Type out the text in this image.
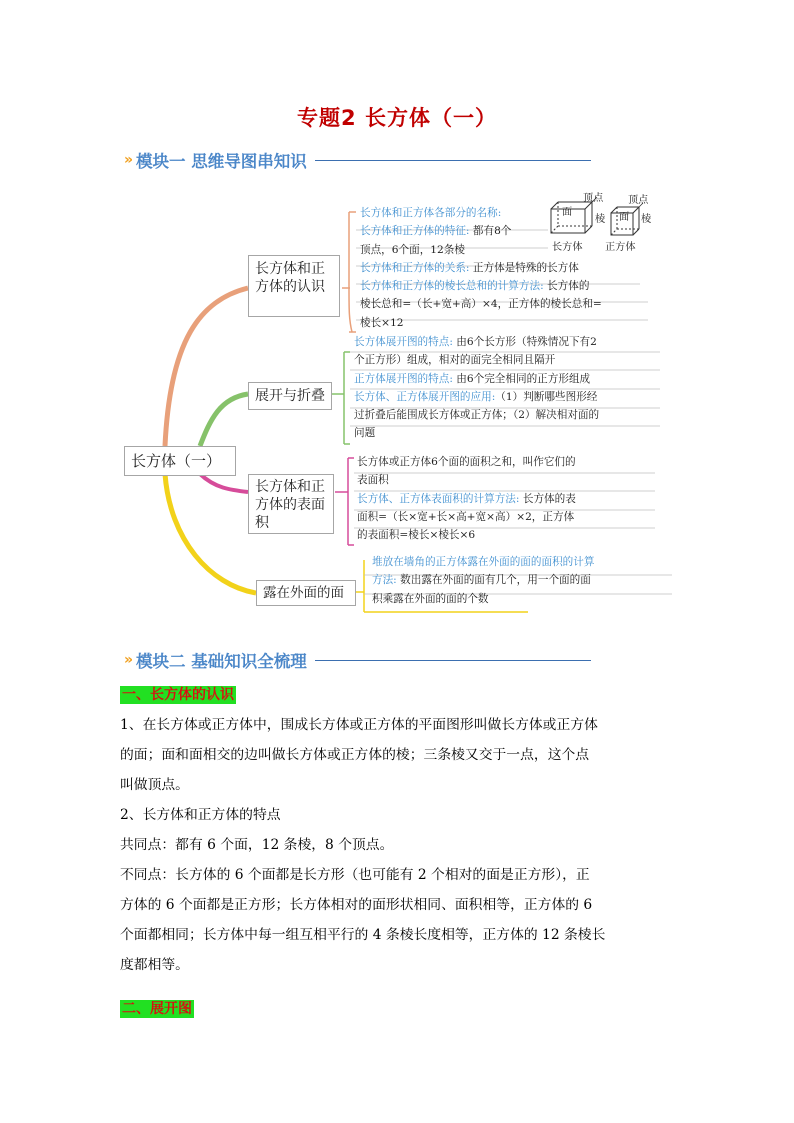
专题2 长方体（一）
» 模块一 思维导图串知识
面
顶点
棱
长方体
面
顶点
棱
正方体
长方体（一）
长方体和正
方体的认识
展开与折叠
长方体和正
方体的表面
积
露在外面的面
长方体和正方体各部分的名称:
长方体和正方体的特征: 都有8个
顶点，6个面，12条棱
长方体和正方体的关系: 正方体是特殊的长方体
长方体和正方体的棱长总和的计算方法: 长方体的
棱长总和=（长+宽+高）×4，正方体的棱长总和=
棱长×12
长方体展开图的特点: 由6个长方形（特殊情况下有2
个正方形）组成，相对的面完全相同且隔开
正方体展开图的特点: 由6个完全相同的正方形组成
长方体、正方体展开图的应用:（1）判断哪些图形经
过折叠后能围成长方体或正方体；（2）解决相对面的
问题
长方体或正方体6个面的面积之和，叫作它们的
表面积
长方体、正方体表面积的计算方法: 长方体的表
面积=（长×宽+长×高+宽×高）×2，正方体
的表面积=棱长×棱长×6
堆放在墙角的正方体露在外面的面的面积的计算
方法: 数出露在外面的面有几个，用一个面的面
积乘露在外面的面的个数
» 模块二 基础知识全梳理
一、长方体的认识
1、在长方体或正方体中，围成长方体或正方体的平面图形叫做长方体或正方体
的面；面和面相交的边叫做长方体或正方体的棱；三条棱又交于一点，这个点
叫做顶点。
2、长方体和正方体的特点
共同点：都有 6 个面，12 条棱，8 个顶点。
不同点：长方体的 6 个面都是长方形（也可能有 2 个相对的面是正方形），正
方体的 6 个面都是正方形；长方体相对的面形状相同、面积相等，正方体的 6
个面都相同；长方体中每一组互相平行的 4 条棱长度相等，正方体的 12 条棱长
度都相等。
二、展开图
